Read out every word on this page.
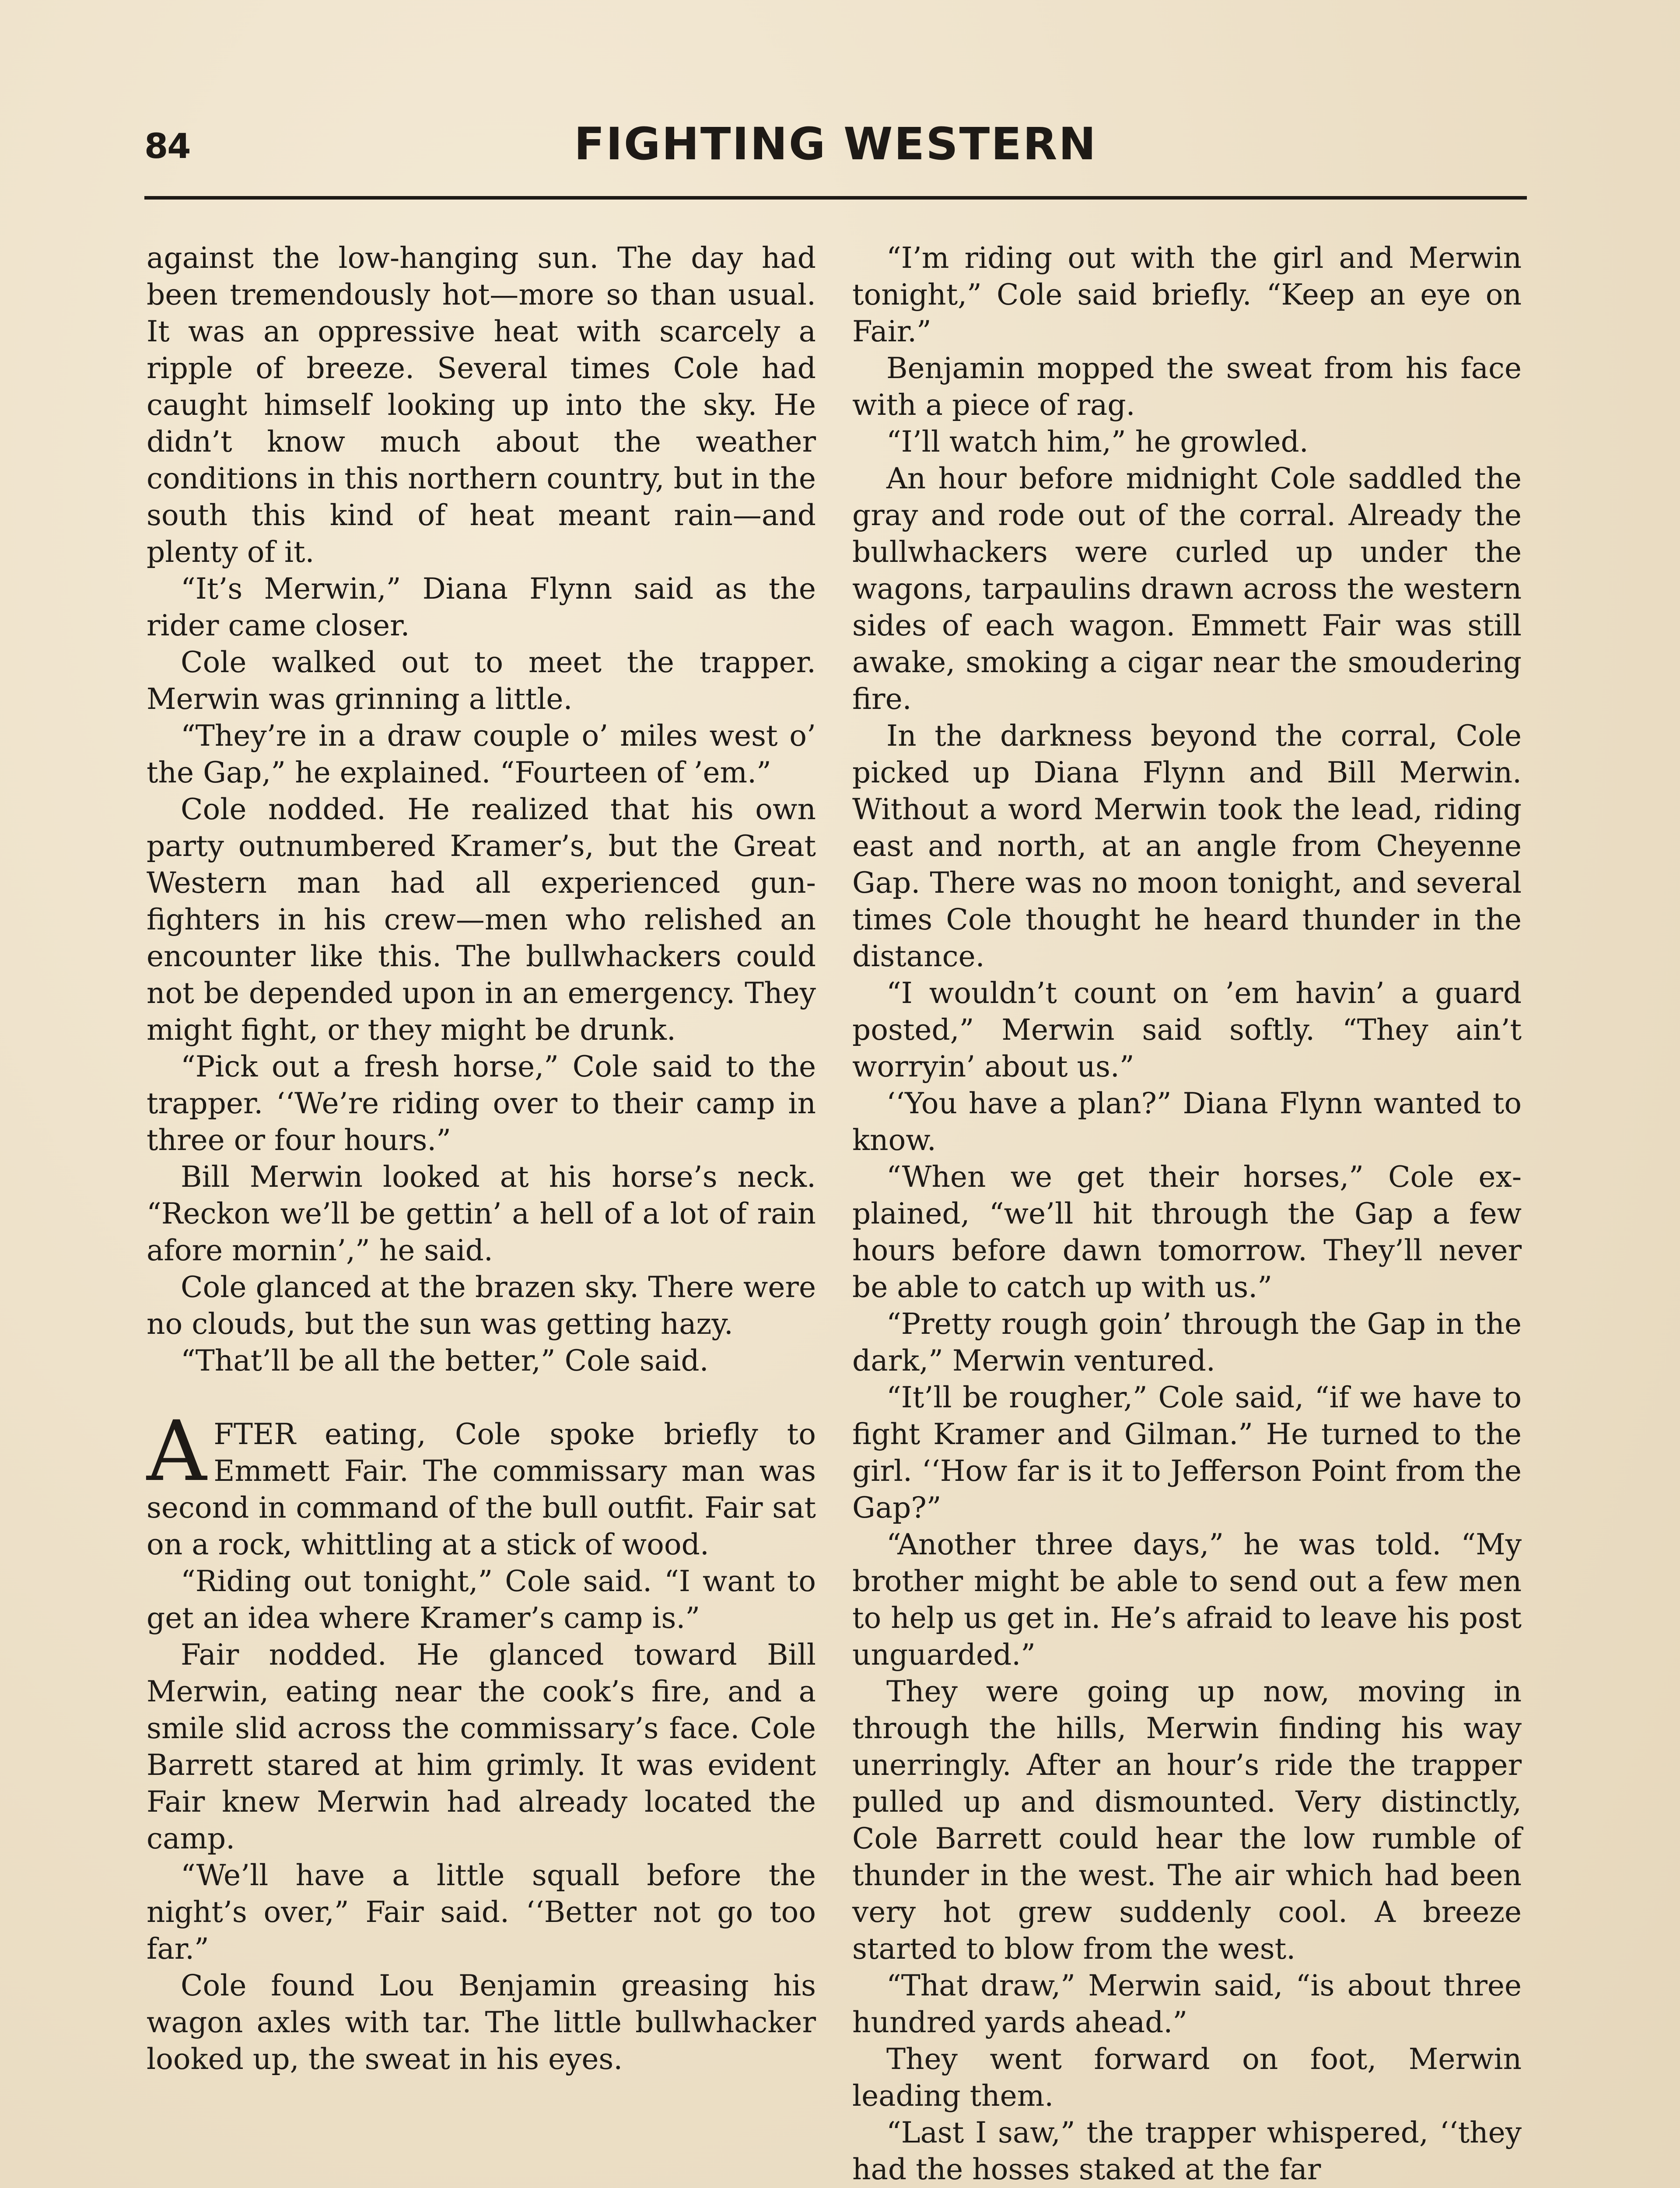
84	FIGHTING WESTERN

against the low-hanging sun. The day had been tremendously hot—more so than usual. It was an oppressive heat with scarcely a ripple of breeze. Several times Cole had caught himself looking up into the sky. He didn’t know much about the weather conditions in this northern country, but in the south this kind of heat meant rain—and plenty of it.

“It’s Merwin,” Diana Flynn said as the rider came closer.

Cole walked out to meet the trapper. Merwin was grinning a little.

“They’re in a draw couple o’ miles west o’ the Gap,” he explained. “Fourteen of ’em.”

Cole nodded. He realized that his own party outnumbered Kramer’s, but the Great Western man had all experienced gun-fighters in his crew—men who relished an encounter like this. The bullwhackers could not be depended upon in an emergency. They might fight, or they might be drunk.

“Pick out a fresh horse,” Cole said to the trapper. ‘‘We’re riding over to their camp in three or four hours.”

Bill Merwin looked at his horse’s neck. “Reckon we’ll be gettin’ a hell of a lot of rain afore mornin’,” he said.

Cole glanced at the brazen sky. There were no clouds, but the sun was getting hazy.

“That’ll be all the better,” Cole said.

AFTER eating, Cole spoke briefly to Emmett Fair. The commissary man was second in command of the bull outfit. Fair sat on a rock, whittling at a stick of wood.

“Riding out tonight,” Cole said. “I want to get an idea where Kramer’s camp is.”

Fair nodded. He glanced toward Bill Merwin, eating near the cook’s fire, and a smile slid across the commissary’s face. Cole Barrett stared at him grimly. It was evident Fair knew Merwin had already located the camp.

“We’ll have a little squall before the night’s over,” Fair said. ‘‘Better not go too far.”

Cole found Lou Benjamin greasing his wagon axles with tar. The little bullwhacker looked up, the sweat in his eyes.

“I’m riding out with the girl and Merwin tonight,” Cole said briefly. “Keep an eye on Fair.”

Benjamin mopped the sweat from his face with a piece of rag.

“I’ll watch him,” he growled.

An hour before midnight Cole saddled the gray and rode out of the corral. Already the bullwhackers were curled up under the wagons, tarpaulins drawn across the western sides of each wagon. Emmett Fair was still awake, smoking a cigar near the smoudering fire.

In the darkness beyond the corral, Cole picked up Diana Flynn and Bill Merwin. Without a word Merwin took the lead, riding east and north, at an angle from Cheyenne Gap. There was no moon tonight, and several times Cole thought he heard thunder in the distance.

“I wouldn’t count on ’em havin’ a guard posted,” Merwin said softly. “They ain’t worryin’ about us.”

‘‘You have a plan?” Diana Flynn wanted to know.

“When we get their horses,” Cole explained, “we’ll hit through the Gap a few hours before dawn tomorrow. They’ll never be able to catch up with us.”

“Pretty rough goin’ through the Gap in the dark,” Merwin ventured.

“It’ll be rougher,” Cole said, “if we have to fight Kramer and Gilman.” He turned to the girl. ‘‘How far is it to Jefferson Point from the Gap?”

“Another three days,” he was told. “My brother might be able to send out a few men to help us get in. He’s afraid to leave his post unguarded.”

They were going up now, moving in through the hills, Merwin finding his way unerringly. After an hour’s ride the trapper pulled up and dismounted. Very distinctly, Cole Barrett could hear the low rumble of thunder in the west. The air which had been very hot grew suddenly cool. A breeze started to blow from the west.

“That draw,” Merwin said, “is about three hundred yards ahead.”

They went forward on foot, Merwin leading them.

“Last I saw,” the trapper whispered, ‘‘they had the hosses staked at the far
